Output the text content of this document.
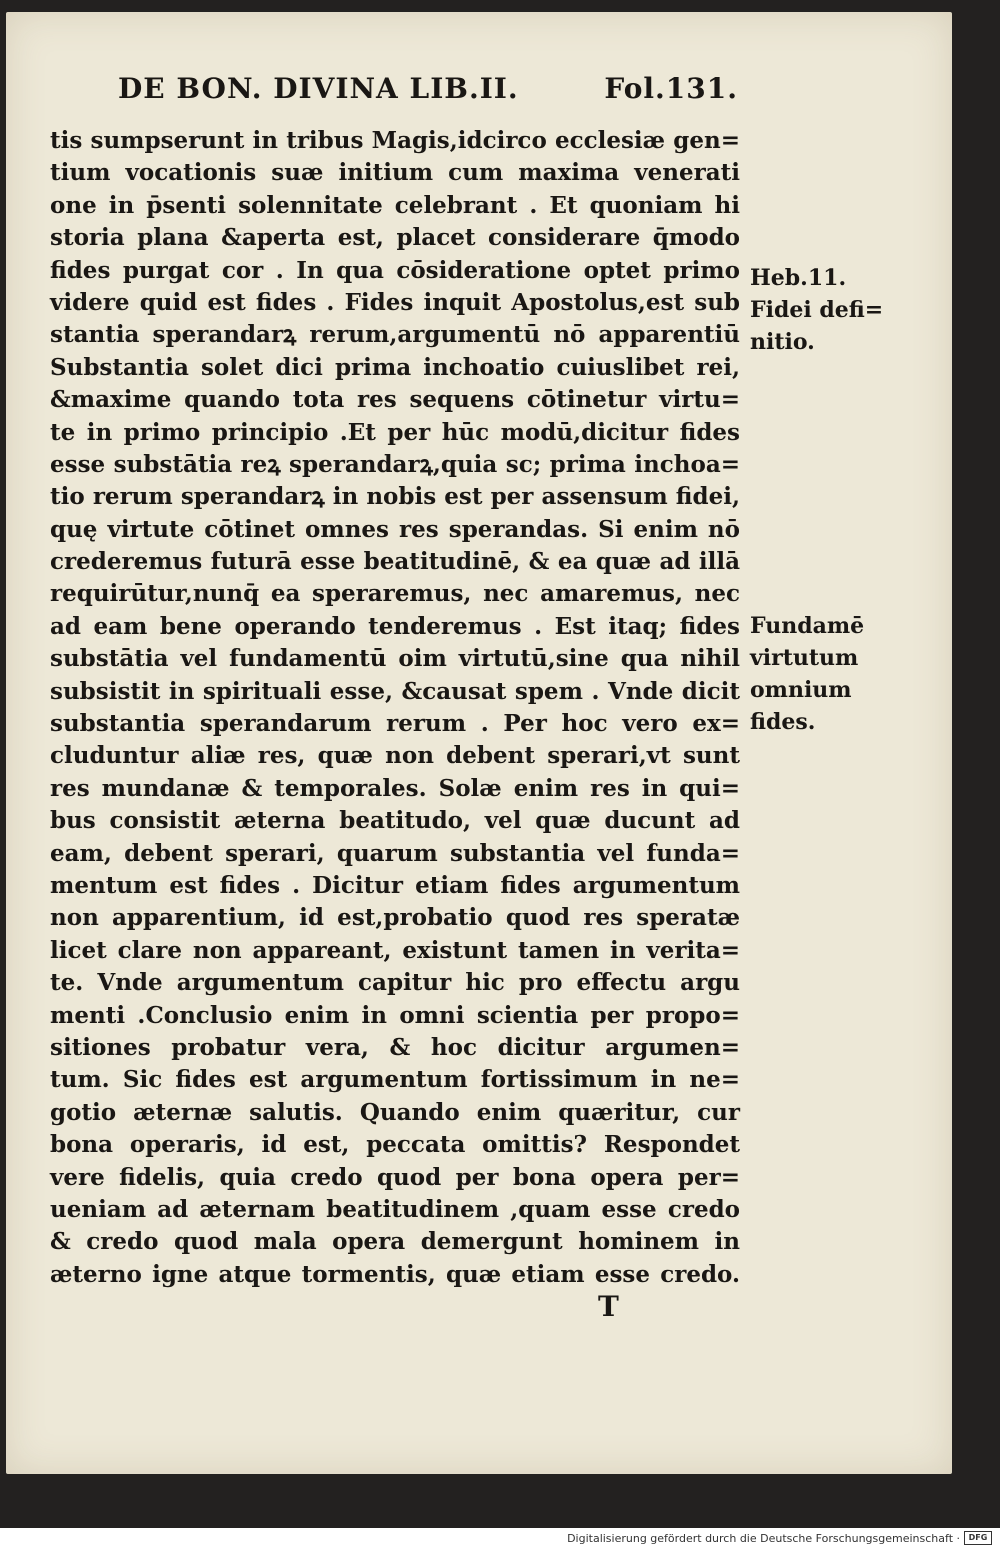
DE BON. DIVINA LIB.II.	Fol.131.
tis sumpserunt in tribus Magis,idcirco ecclesiæ gen=
tium vocationis suæ initium cum maxima venerati
one in p̄senti solennitate celebrant . Et quoniam hi
storia plana &aperta est, placet considerare q̄modo
fides purgat cor . In qua cōsideratione optet primo
videre quid est fides . Fides inquit Apostolus,est sub
stantia sperandarꝝ rerum,argumentū nō apparentiū
Substantia solet dici prima inchoatio cuiuslibet rei,
&maxime quando tota res sequens cōtinetur virtu=
te in primo principio .Et per hūc modū,dicitur fides
esse substātia reꝝ sperandarꝝ,quia sc; prima inchoa=
tio rerum sperandarꝝ in nobis est per assensum fidei,
quę virtute cōtinet omnes res sperandas. Si enim nō
crederemus futurā esse beatitudinē, & ea quæ ad illā
requirūtur,nunq̄ ea speraremus, nec amaremus, nec
ad eam bene operando tenderemus . Est itaq; fides
substātia vel fundamentū oim virtutū,sine qua nihil
subsistit in spirituali esse, &causat spem . Vnde dicit
substantia sperandarum rerum . Per hoc vero ex=
cluduntur aliæ res, quæ non debent sperari,vt sunt
res mundanæ & temporales. Solæ enim res in qui=
bus consistit æterna beatitudo, vel quæ ducunt ad
eam, debent sperari, quarum substantia vel funda=
mentum est fides . Dicitur etiam fides argumentum
non apparentium, id est,probatio quod res speratæ
licet clare non appareant, existunt tamen in verita=
te. Vnde argumentum capitur hic pro effectu argu
menti .Conclusio enim in omni scientia per propo=
sitiones probatur vera, & hoc dicitur argumen=
tum. Sic fides est argumentum fortissimum in ne=
gotio æternæ salutis. Quando enim quæritur, cur
bona operaris, id est, peccata omittis? Respondet
vere fidelis, quia credo quod per bona opera per=
ueniam ad æternam beatitudinem ,quam esse credo
& credo quod mala opera demergunt hominem in
æterno igne atque tormentis, quæ etiam esse credo.
Heb.11.
Fidei defi=
nitio.
Fundamē
virtutum
omnium
fides.
T
Digitalisierung gefördert durch die Deutsche Forschungsgemeinschaft ·	DFG
